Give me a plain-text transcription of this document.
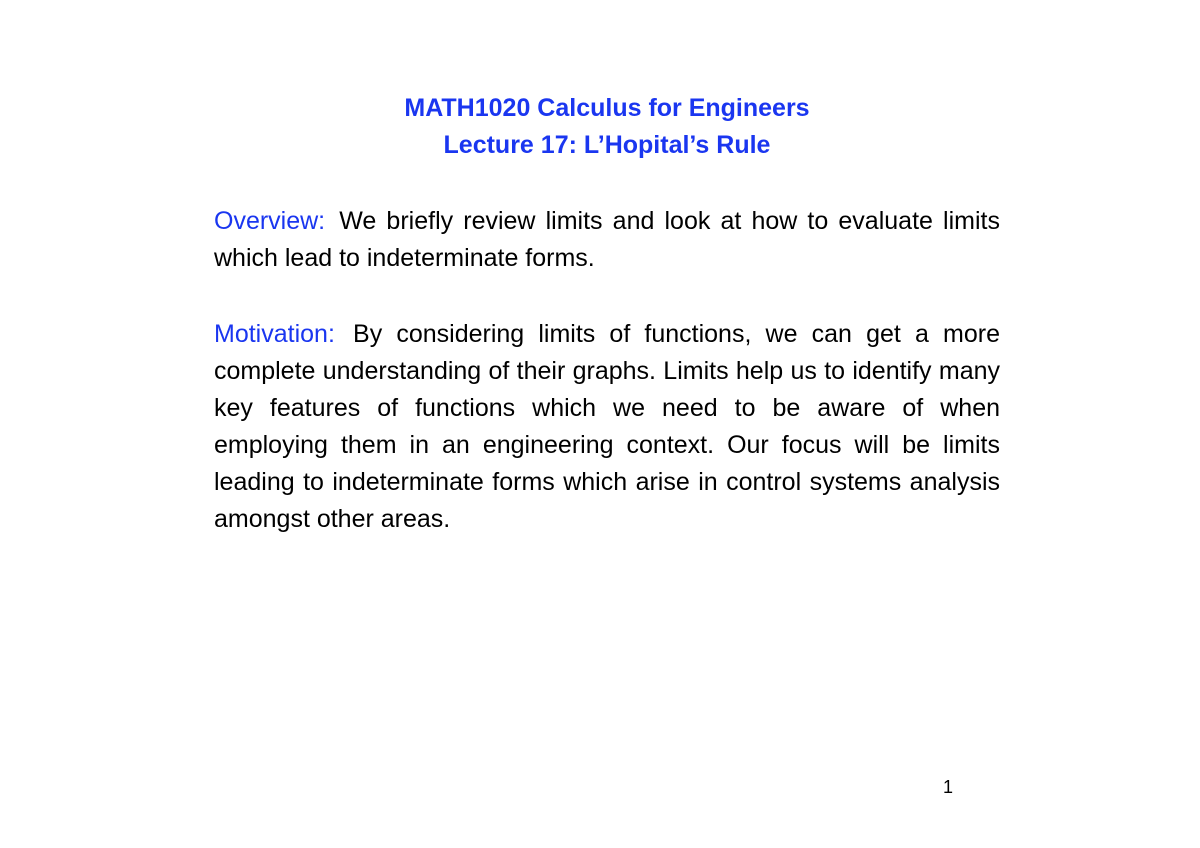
MATH1020 Calculus for Engineers
Lecture 17: L’Hopital’s Rule
Overview: We briefly review limits and look at how to evaluate limits which lead to indeterminate forms.
Motivation: By considering limits of functions, we can get a more complete understanding of their graphs. Limits help us to identify many key features of functions which we need to be aware of when employing them in an engineering context. Our focus will be limits leading to indeterminate forms which arise in control systems analysis amongst other areas.
1
